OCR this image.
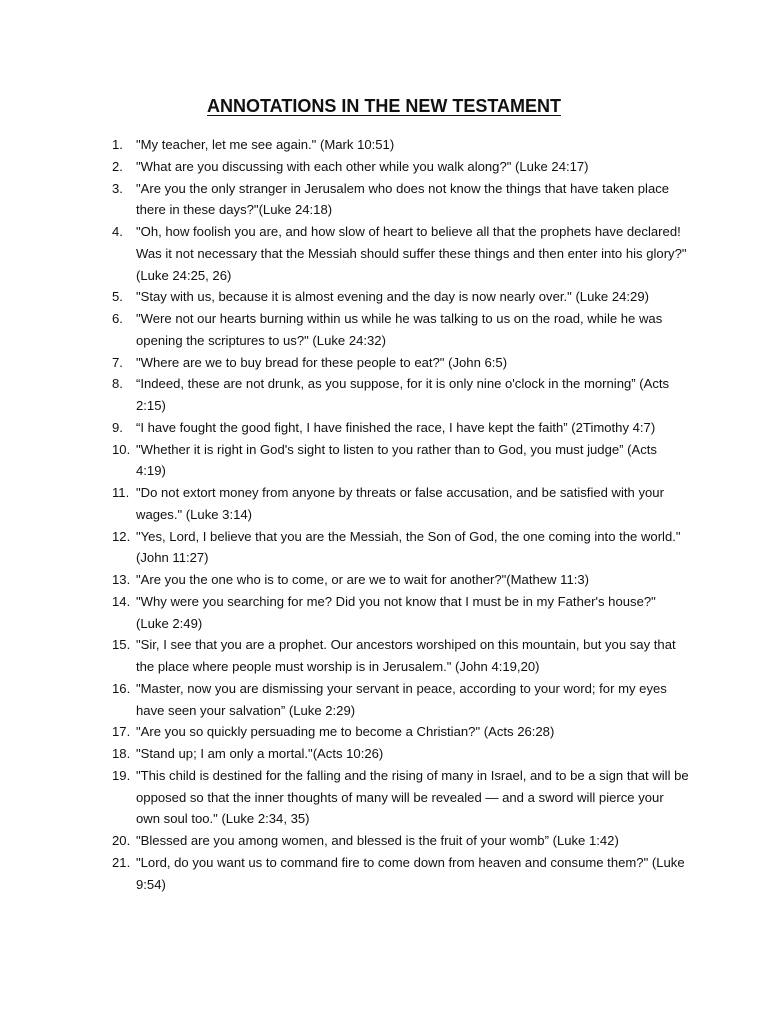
ANNOTATIONS IN THE NEW TESTAMENT
1. "My teacher, let me see again." (Mark 10:51)
2. "What are you discussing with each other while you walk along?" (Luke 24:17)
3. "Are you the only stranger in Jerusalem who does not know the things that have taken place there in these days?"(Luke 24:18)
4. "Oh, how foolish you are, and how slow of heart to believe all that the prophets have declared! Was it not necessary that the Messiah should suffer these things and then enter into his glory?" (Luke 24:25, 26)
5. "Stay with us, because it is almost evening and the day is now nearly over." (Luke 24:29)
6. "Were not our hearts burning within us while he was talking to us on the road, while he was opening the scriptures to us?" (Luke 24:32)
7. "Where are we to buy bread for these people to eat?" (John 6:5)
8. “Indeed, these are not drunk, as you suppose, for it is only nine o'clock in the morning” (Acts 2:15)
9. “I have fought the good fight, I have finished the race, I have kept the faith” (2Timothy 4:7)
10. "Whether it is right in God's sight to listen to you rather than to God, you must judge” (Acts 4:19)
11. "Do not extort money from anyone by threats or false accusation, and be satisfied with your wages." (Luke 3:14)
12. "Yes, Lord, I believe that you are the Messiah, the Son of God, the one coming into the world." (John 11:27)
13. "Are you the one who is to come, or are we to wait for another?"(Mathew 11:3)
14. "Why were you searching for me? Did you not know that I must be in my Father's house?" (Luke 2:49)
15. "Sir, I see that you are a prophet. Our ancestors worshiped on this mountain, but you say that the place where people must worship is in Jerusalem." (John 4:19,20)
16. "Master, now you are dismissing your servant in peace, according to your word; for my eyes have seen your salvation” (Luke 2:29)
17. "Are you so quickly persuading me to become a Christian?" (Acts 26:28)
18. "Stand up; I am only a mortal."(Acts 10:26)
19. "This child is destined for the falling and the rising of many in Israel, and to be a sign that will be opposed so that the inner thoughts of many will be revealed — and a sword will pierce your own soul too." (Luke 2:34, 35)
20. "Blessed are you among women, and blessed is the fruit of your womb” (Luke 1:42)
21. "Lord, do you want us to command fire to come down from heaven and consume them?" (Luke 9:54)
